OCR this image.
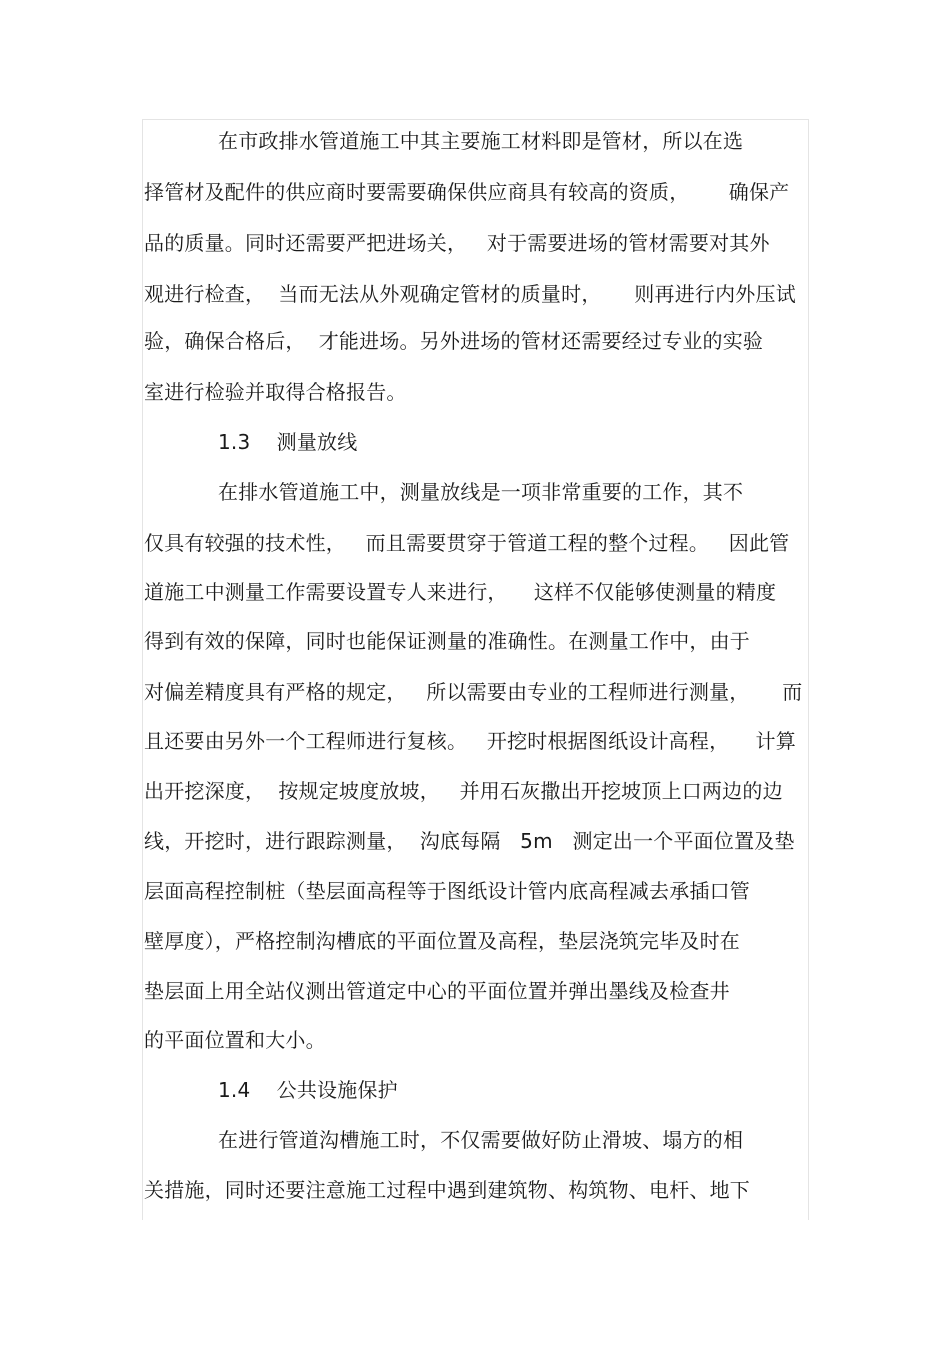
在市政排水管道施工中其主要施工材料即是管材，所以在选
择管材及配件的供应商时要需要确保供应商具有较高的资质，      确保产
品的质量。同时还需要严把进场关，   对于需要进场的管材需要对其外
观进行检查，  当而无法从外观确定管材的质量时，     则再进行内外压试
验，确保合格后，  才能进场。另外进场的管材还需要经过专业的实验
室进行检验并取得合格报告。
1.3    测量放线
在排水管道施工中，测量放线是一项非常重要的工作，其不
仅具有较强的技术性，   而且需要贯穿于管道工程的整个过程。   因此管
道施工中测量工作需要设置专人来进行，    这样不仅能够使测量的精度
得到有效的保障，同时也能保证测量的准确性。在测量工作中，由于
对偏差精度具有严格的规定，   所以需要由专业的工程师进行测量，     而
且还要由另外一个工程师进行复核。   开挖时根据图纸设计高程，    计算
出开挖深度，  按规定坡度放坡，   并用石灰撒出开挖坡顶上口两边的边
线，开挖时，进行跟踪测量，  沟底每隔   5m   测定出一个平面位置及垫
层面高程控制桩（垫层面高程等于图纸设计管内底高程减去承插口管
壁厚度），严格控制沟槽底的平面位置及高程，垫层浇筑完毕及时在
垫层面上用全站仪测出管道定中心的平面位置并弹出墨线及检查井
的平面位置和大小。
1.4    公共设施保护
在进行管道沟槽施工时，不仅需要做好防止滑坡、塌方的相
关措施，同时还要注意施工过程中遇到建筑物、构筑物、电杆、地下
